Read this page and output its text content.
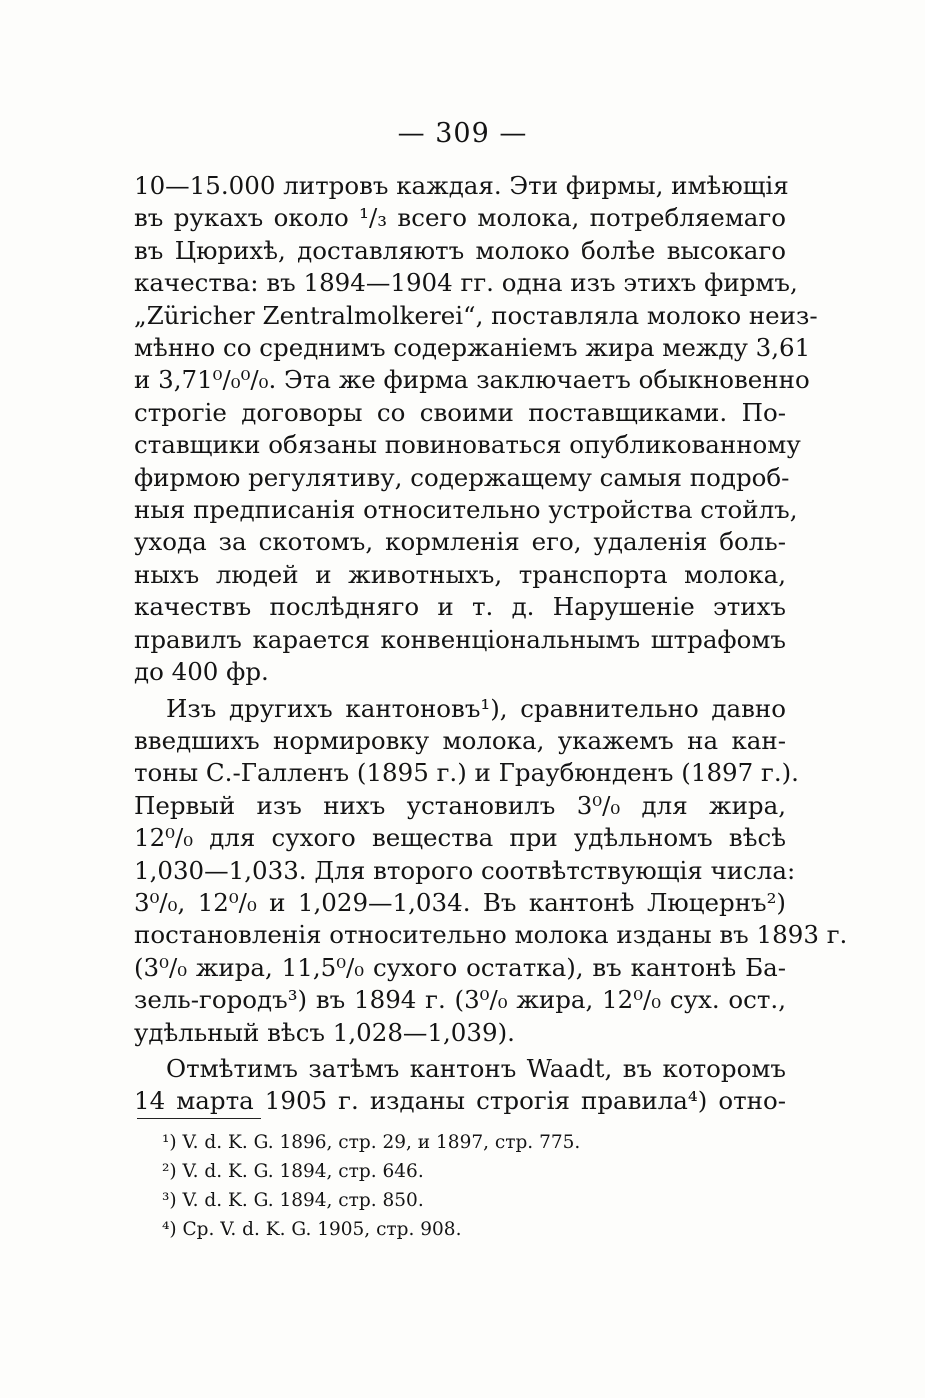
— 309 —
10—15.000 литровъ каждая. Эти фирмы, имѣющія
въ рукахъ около ¹/₃ всего молока, потребляемаго
въ Цюрихѣ, доставляютъ молоко болѣе высокаго
качества: въ 1894—1904 гг. одна изъ этихъ фирмъ,
„Züricher Zentralmolkerei“, поставляла молоко неиз-
мѣнно со среднимъ содержаніемъ жира между 3,61
и 3,71⁰/₀⁰/₀. Эта же фирма заключаетъ обыкновенно
строгіе договоры со своими поставщиками. По-
ставщики обязаны повиноваться опубликованному
фирмою регулятиву, содержащему самыя подроб-
ныя предписанія относительно устройства стойлъ,
ухода за скотомъ, кормленія его, удаленія боль-
ныхъ людей и животныхъ, транспорта молока,
качествъ послѣдняго и т. д. Нарушеніе этихъ
правилъ карается конвенціональнымъ штрафомъ
до 400 фр.
Изъ другихъ кантоновъ¹), сравнительно давно
введшихъ нормировку молока, укажемъ на кан-
тоны С.-Галленъ (1895 г.) и Граубюнденъ (1897 г.).
Первый изъ нихъ установилъ 3⁰/₀ для жира,
12⁰/₀ для сухого вещества при удѣльномъ вѣсѣ
1,030—1,033. Для второго соотвѣтствующія числа:
3⁰/₀, 12⁰/₀ и 1,029—1,034. Въ кантонѣ Люцернъ²)
постановленія относительно молока изданы въ 1893 г.
(3⁰/₀ жира, 11,5⁰/₀ сухого остатка), въ кантонѣ Ба-
зель-городъ³) въ 1894 г. (3⁰/₀ жира, 12⁰/₀ сух. ост.,
удѣльный вѣсъ 1,028—1,039).
Отмѣтимъ затѣмъ кантонъ Waadt, въ которомъ
14 марта 1905 г. изданы строгія правила⁴) отно-
¹) V. d. K. G. 1896, стр. 29, и 1897, стр. 775.
²) V. d. K. G. 1894, стр. 646.
³) V. d. K. G. 1894, стр. 850.
⁴) Ср. V. d. K. G. 1905, стр. 908.
